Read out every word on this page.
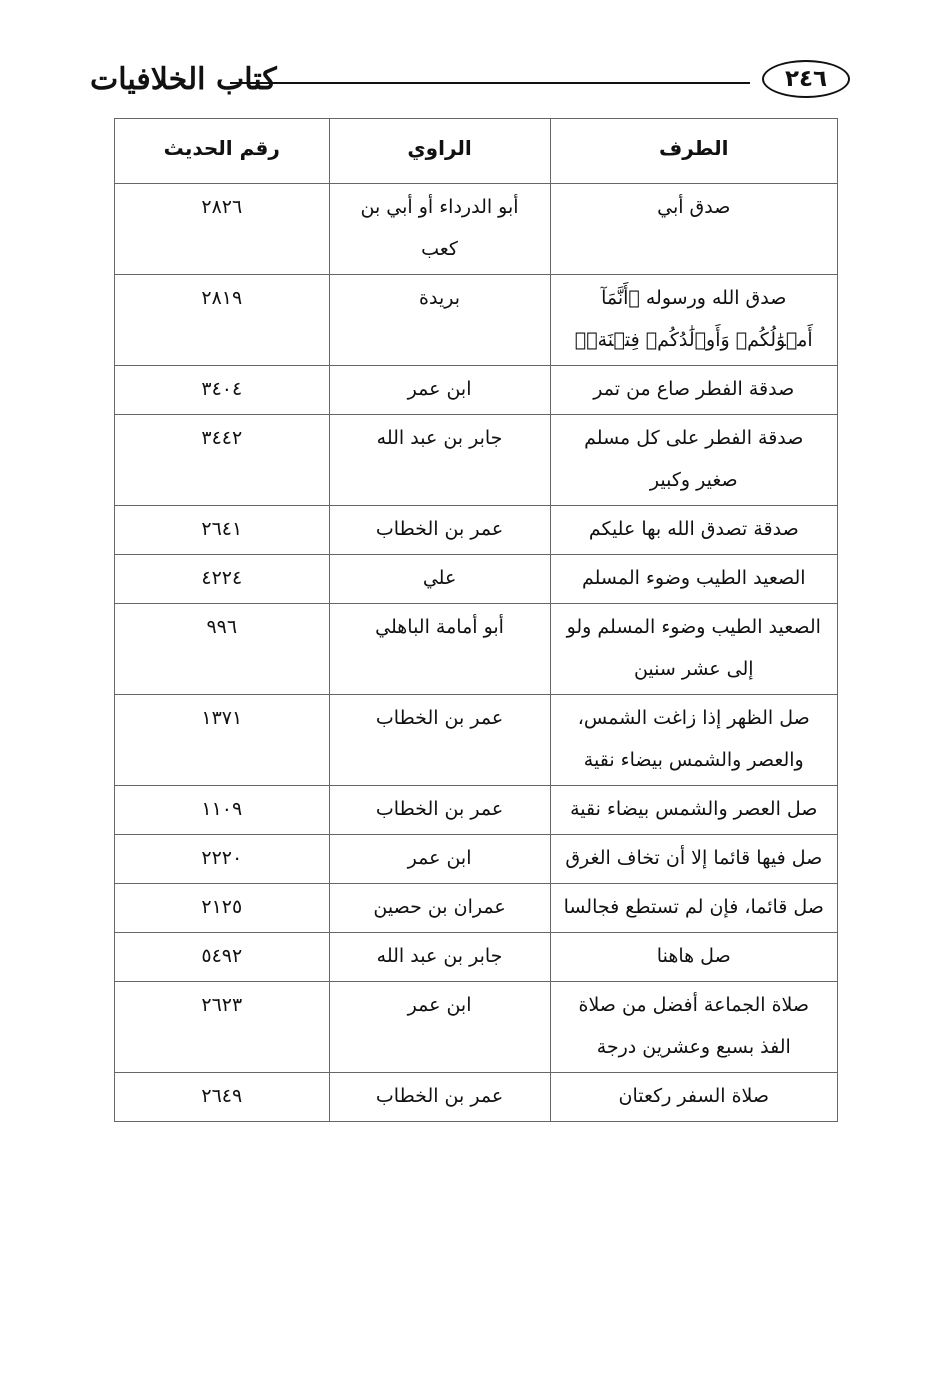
كتاب الخلافيات	٢٤٦
الطرف	الراوي	رقم الحديث
صدق أبي	أبو الدرداء أو أبي بن كعب	٢٨٢٦
صدق الله ورسوله ﴿أَنَّمَآ أَمۡوَٰلُكُمۡ وَأَوۡلَٰدُكُمۡ فِتۡنَةٞ﴾	بريدة	٢٨١٩
صدقة الفطر صاع من تمر	ابن عمر	٣٤٠٤
صدقة الفطر على كل مسلم صغير وكبير	جابر بن عبد الله	٣٤٤٢
صدقة تصدق الله بها عليكم	عمر بن الخطاب	٢٦٤١
الصعيد الطيب وضوء المسلم	علي	٤٢٢٤
الصعيد الطيب وضوء المسلم ولو إلى عشر سنين	أبو أمامة الباهلي	٩٩٦
صل الظهر إذا زاغت الشمس، والعصر والشمس بيضاء نقية	عمر بن الخطاب	١٣٧١
صل العصر والشمس بيضاء نقية	عمر بن الخطاب	١١٠٩
صل فيها قائما إلا أن تخاف الغرق	ابن عمر	٢٢٢٠
صل قائما، فإن لم تستطع فجالسا	عمران بن حصين	٢١٢٥
صل هاهنا	جابر بن عبد الله	٥٤٩٢
صلاة الجماعة أفضل من صلاة الفذ بسبع وعشرين درجة	ابن عمر	٢٦٢٣
صلاة السفر ركعتان	عمر بن الخطاب	٢٦٤٩
